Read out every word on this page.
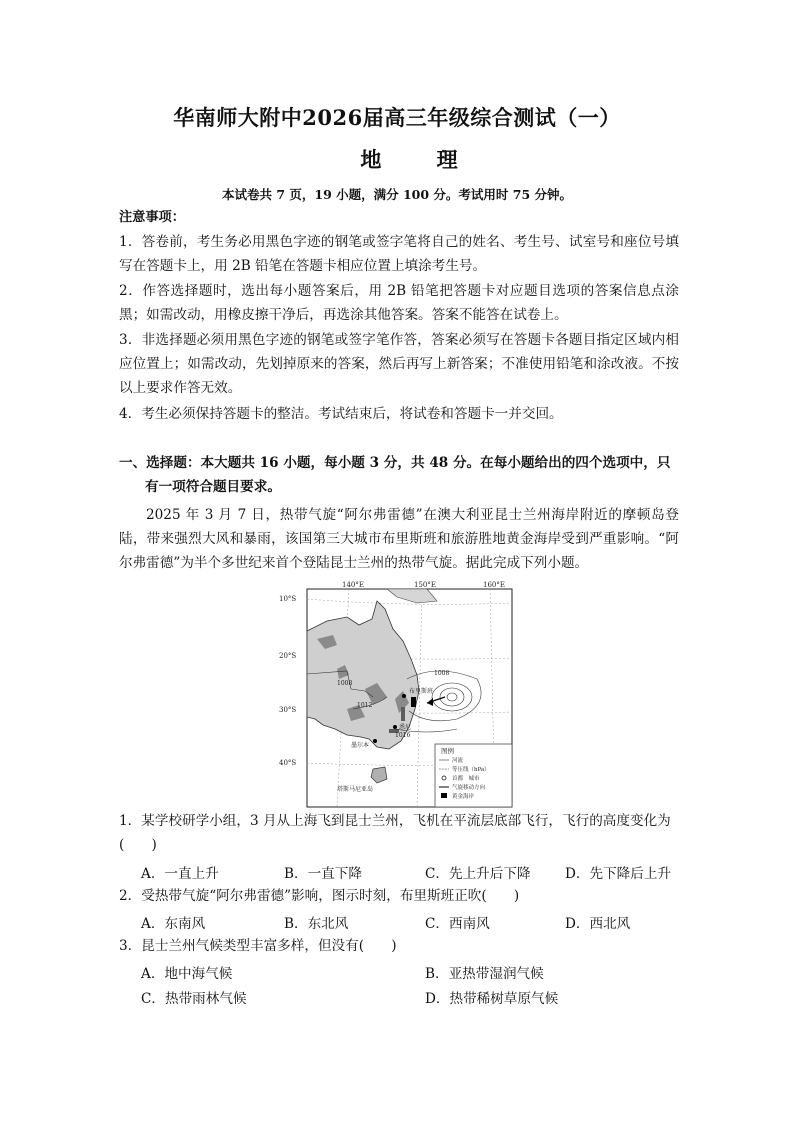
华南师大附中2026届高三年级综合测试（一）
地 理
本试卷共 7 页，19 小题，满分 100 分。考试用时 75 分钟。
注意事项：
1．答卷前，考生务必用黑色字迹的钢笔或签字笔将自己的姓名、考生号、试室号和座位号填写在答题卡上，用 2B 铅笔在答题卡相应位置上填涂考生号。
2．作答选择题时，选出每小题答案后，用 2B 铅笔把答题卡对应题目选项的答案信息点涂黑；如需改动，用橡皮擦干净后，再选涂其他答案。答案不能答在试卷上。
3．非选择题必须用黑色字迹的钢笔或签字笔作答，答案必须写在答题卡各题目指定区域内相应位置上；如需改动，先划掉原来的答案，然后再写上新答案；不准使用铅笔和涂改液。不按以上要求作答无效。
4．考生必须保持答题卡的整洁。考试结束后，将试卷和答题卡一并交回。
一、选择题：本大题共 16 小题，每小题 3 分，共 48 分。在每小题给出的四个选项中，只
有一项符合题目要求。
2025 年 3 月 7 日，热带气旋“阿尔弗雷德”在澳大利亚昆士兰州海岸附近的摩顿岛登陆，带来强烈大风和暴雨，该国第三大城市布里斯班和旅游胜地黄金海岸受到严重影响。“阿尔弗雷德”为半个多世纪来首个登陆昆士兰州的热带气旋。据此完成下列小题。
140°E	150°E	160°E
10°S
20°S
30°S
40°S
1008
1008
1012
1016
布里斯班
悉尼
墨尔本
塔斯马尼亚岛
图例
河流
等压线（hPa）
首都　城市
气旋移动方向
黄金海岸
1．某学校研学小组，3 月从上海飞到昆士兰州，飞机在平流层底部飞行，飞行的高度变化为(　　)
A．一直上升	B．一直下降	C．先上升后下降	D．先下降后上升
2．受热带气旋“阿尔弗雷德”影响，图示时刻，布里斯班正吹(　　)
A．东南风	B．东北风	C．西南风	D．西北风
3．昆士兰州气候类型丰富多样，但没有(　　)
A．地中海气候	B．亚热带湿润气候
C．热带雨林气候	D．热带稀树草原气候
